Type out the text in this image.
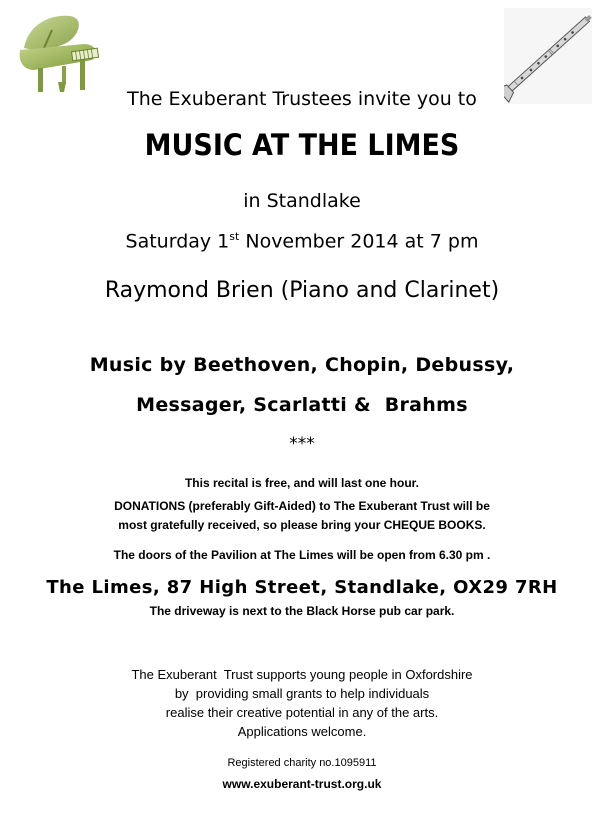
The Exuberant Trustees invite you to
MUSIC AT THE LIMES
in Standlake
Saturday 1st November 2014 at 7 pm
Raymond Brien (Piano and Clarinet)
Music by Beethoven, Chopin, Debussy,
Messager, Scarlatti &  Brahms
***
This recital is free, and will last one hour.
DONATIONS (preferably Gift-Aided) to The Exuberant Trust will be
most gratefully received, so please bring your CHEQUE BOOKS.
The doors of the Pavilion at The Limes will be open from 6.30 pm .
The Limes, 87 High Street, Standlake, OX29 7RH
The driveway is next to the Black Horse pub car park.
The Exuberant  Trust supports young people in Oxfordshire
by  providing small grants to help individuals
realise their creative potential in any of the arts.
Applications welcome.
Registered charity no.1095911
www.exuberant-trust.org.uk
